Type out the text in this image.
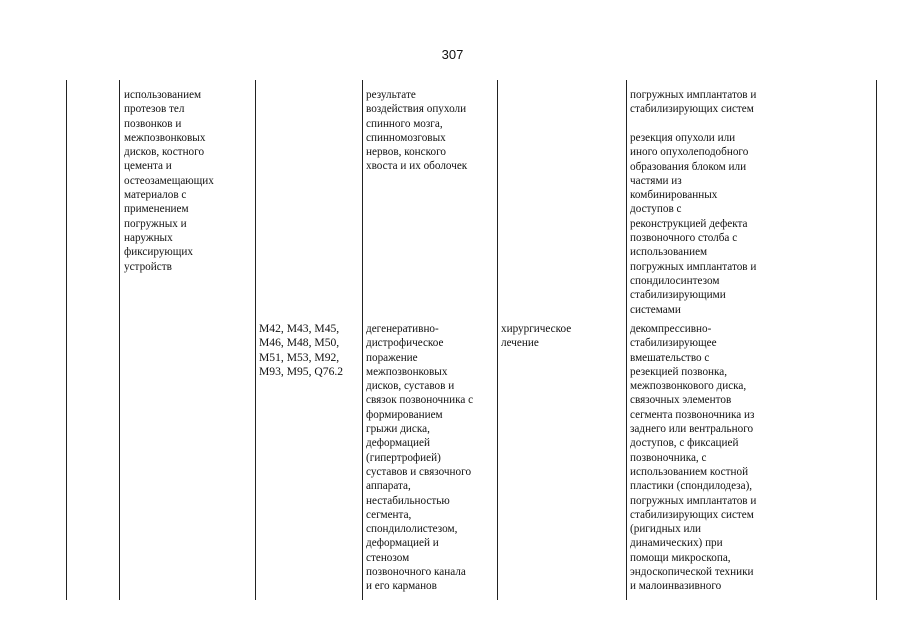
307
использованием
протезов тел
позвонков и
межпозвонковых
дисков, костного
цемента и
остеозамещающих
материалов с
применением
погружных и
наружных
фиксирующих
устройств
M42, M43, M45,
M46, M48, M50,
M51, M53, M92,
M93, M95, Q76.2
результате
воздействия опухоли
спинного мозга,
спинномозговых
нервов, конского
хвоста и их оболочек
дегенеративно-
дистрофическое
поражение
межпозвонковых
дисков, суставов и
связок позвоночника с
формированием
грыжи диска,
деформацией
(гипертрофией)
суставов и связочного
аппарата,
нестабильностью
сегмента,
спондилолистезом,
деформацией и
стенозом
позвоночного канала
и его карманов
хирургическое
лечение
погружных имплантатов и
стабилизирующих систем
резекция опухоли или
иного опухолеподобного
образования блоком или
частями из
комбинированных
доступов с
реконструкцией дефекта
позвоночного столба с
использованием
погружных имплантатов и
спондилосинтезом
стабилизирующими
системами
декомпрессивно-
стабилизирующее
вмешательство с
резекцией позвонка,
межпозвонкового диска,
связочных элементов
сегмента позвоночника из
заднего или вентрального
доступов, с фиксацией
позвоночника, с
использованием костной
пластики (спондилодеза),
погружных имплантатов и
стабилизирующих систем
(ригидных или
динамических) при
помощи микроскопа,
эндоскопической техники
и малоинвазивного
